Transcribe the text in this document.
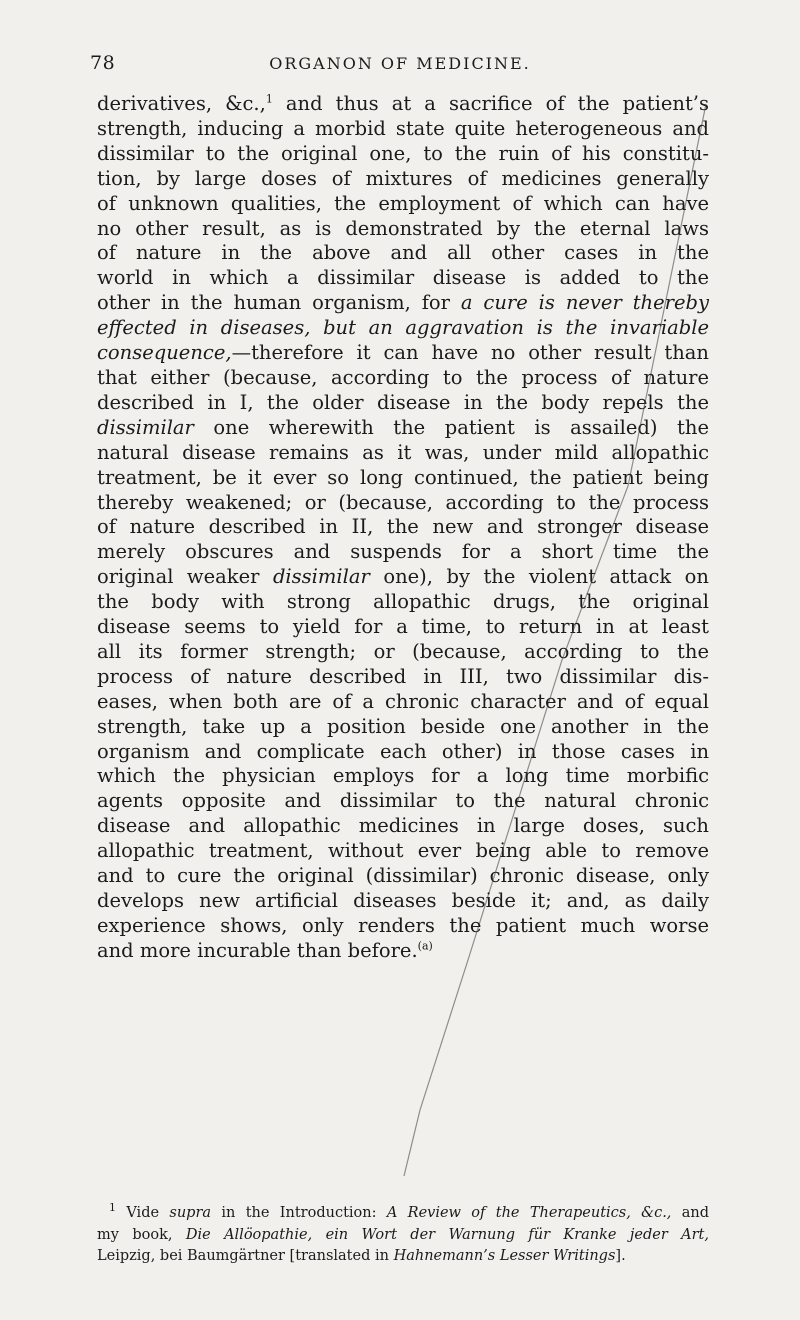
78	ORGANON OF MEDICINE.
derivatives, &c.,$^1$ and thus at a sacrifice of the patient’s
strength, inducing a morbid state quite heterogeneous and
dissimilar to the original one, to the ruin of his constitu-
tion, by large doses of mixtures of medicines generally
of unknown qualities, the employment of which can have
no other result, as is demonstrated by the eternal laws
of nature in the above and all other cases in the
world in which a dissimilar disease is added to the
other in the human organism, for a cure is never thereby
effected in diseases, but an aggravation is the invariable
consequence,—therefore it can have no other result than
that either (because, according to the process of nature
described in I, the older disease in the body repels the
dissimilar one wherewith the patient is assailed) the
natural disease remains as it was, under mild allopathic
treatment, be it ever so long continued, the patient being
thereby weakened; or (because, according to the process
of nature described in II, the new and stronger disease
merely obscures and suspends for a short time the
original weaker dissimilar one), by the violent attack on
the body with strong allopathic drugs, the original
disease seems to yield for a time, to return in at least
all its former strength; or (because, according to the
process of nature described in III, two dissimilar dis-
eases, when both are of a chronic character and of equal
strength, take up a position beside one another in the
organism and complicate each other) in those cases in
which the physician employs for a long time morbific
agents opposite and dissimilar to the natural chronic
disease and allopathic medicines in large doses, such
allopathic treatment, without ever being able to remove
and to cure the original (dissimilar) chronic disease, only
develops new artificial diseases beside it; and, as daily
experience shows, only renders the patient much worse
and more incurable than before.$^{(a)}$
$^1$ Vide supra in the Introduction: A Review of the Therapeutics, &c., and
my book, Die Allöopathie, ein Wort der Warnung für Kranke jeder Art,
Leipzig, bei Baumgärtner [translated in Hahnemann’s Lesser Writings].
